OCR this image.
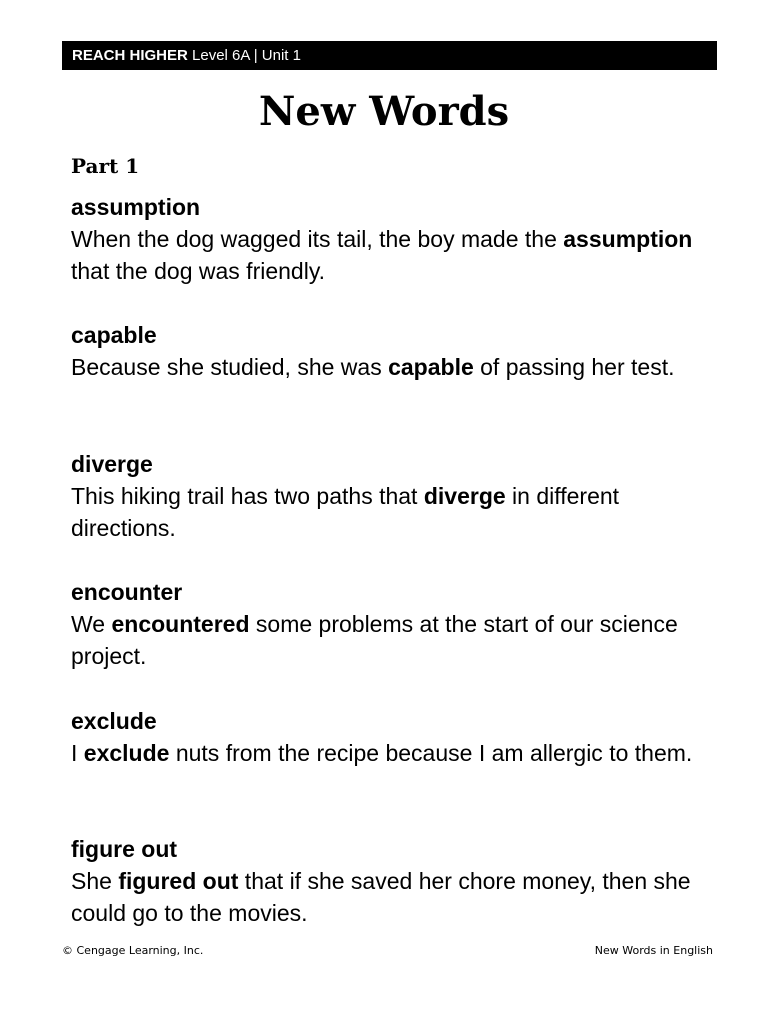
REACH HIGHER Level 6A | Unit 1
New Words
Part 1

assumption

When the dog wagged its tail, the boy made the assumption that the dog was friendly.

capable

Because she studied, she was capable of passing her test.

diverge

This hiking trail has two paths that diverge in different directions.

encounter

We encountered some problems at the start of our science project.

exclude

I exclude nuts from the recipe because I am allergic to them.

figure out

She figured out that if she saved her chore money, then she could go to the movies.

© Cengage Learning, Inc.	New Words in English
